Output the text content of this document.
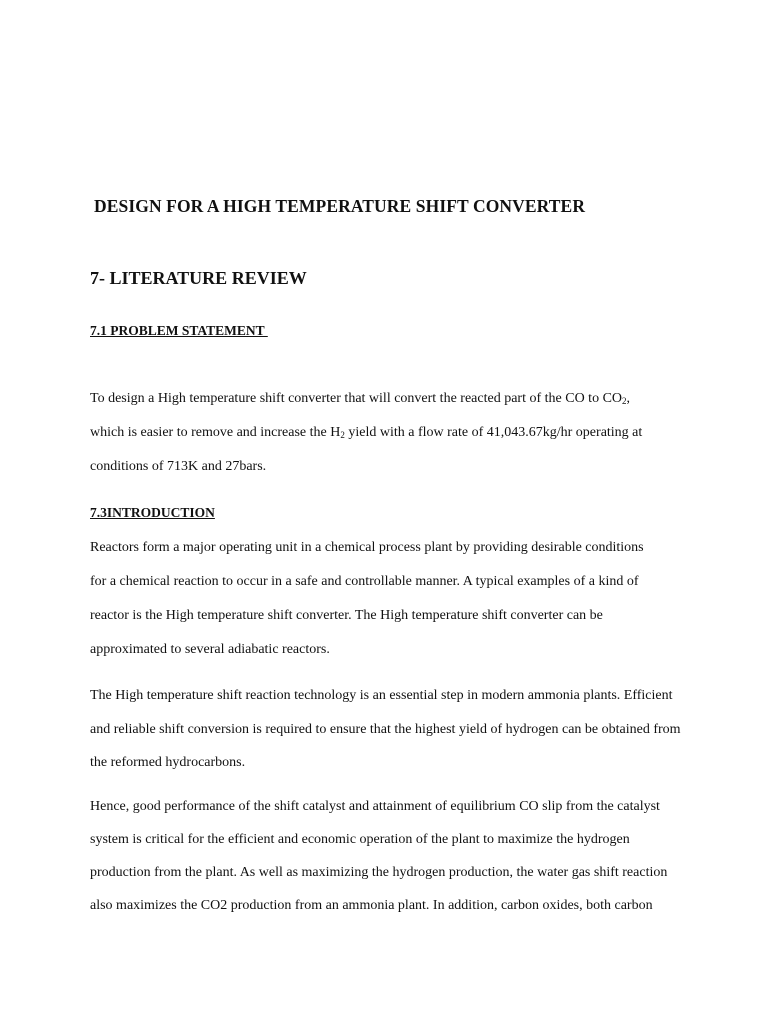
DESIGN FOR A HIGH TEMPERATURE SHIFT CONVERTER
7- LITERATURE REVIEW
7.1 PROBLEM STATEMENT
To design a High temperature shift converter that will convert the reacted part of the CO to $CO_2$,
which is easier to remove and increase the $H_2$ yield with a flow rate of 41,043.67kg/hr operating at
conditions of 713K and 27bars.
7.3INTRODUCTION
Reactors form a major operating unit in a chemical process plant by providing desirable conditions
for a chemical reaction to occur in a safe and controllable manner. A typical examples of a kind of
reactor is the High temperature shift converter. The High temperature shift converter can be
approximated to several adiabatic reactors.
The High temperature shift reaction technology is an essential step in modern ammonia plants. Efficient
and reliable shift conversion is required to ensure that the highest yield of hydrogen can be obtained from
the reformed hydrocarbons.
Hence, good performance of the shift catalyst and attainment of equilibrium CO slip from the catalyst
system is critical for the efficient and economic operation of the plant to maximize the hydrogen
production from the plant. As well as maximizing the hydrogen production, the water gas shift reaction
also maximizes the CO2 production from an ammonia plant. In addition, carbon oxides, both carbon
